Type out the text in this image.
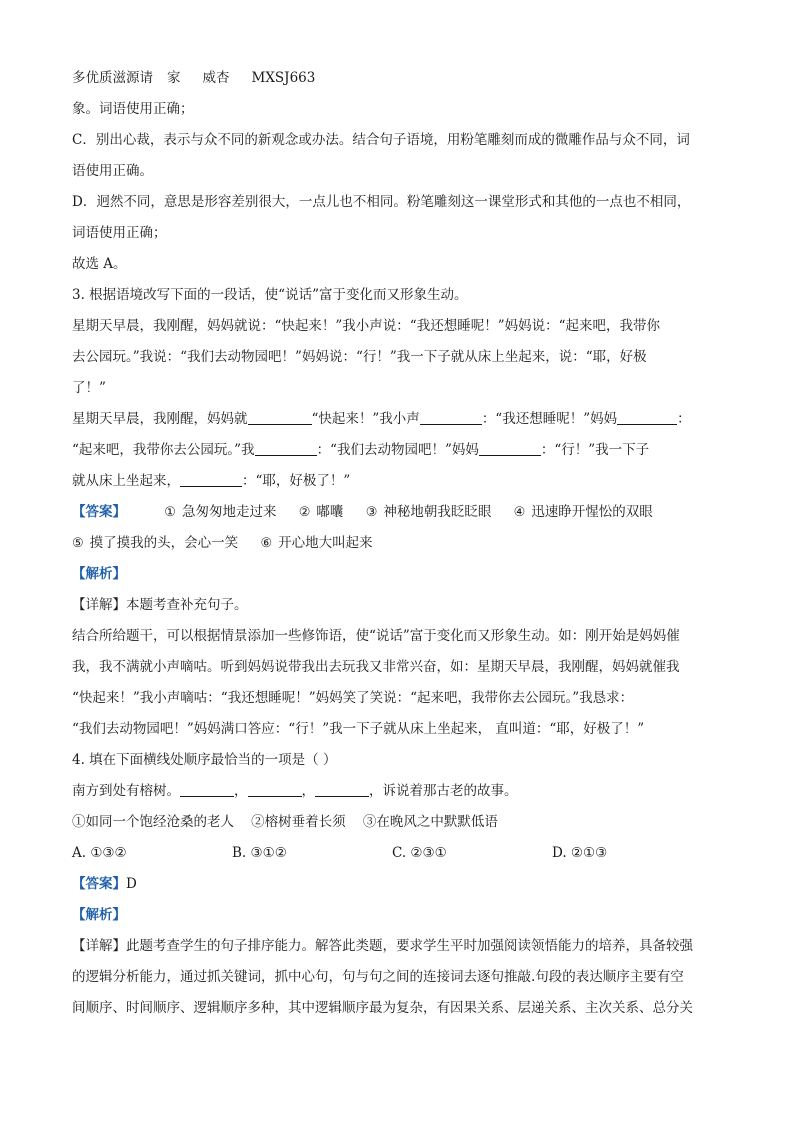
多优质滋源请 家 威杏 MXSJ663
象。词语使用正确；
C．别出心裁，表示与众不同的新观念或办法。结合句子语境，用粉笔雕刻而成的微雕作品与众不同，词
语使用正确。
D．迥然不同，意思是形容差别很大，一点儿也不相同。粉笔雕刻这一课堂形式和其他的一点也不相同，
词语使用正确；
故选 A。
3. 根据语境改写下面的一段话，使“说话”富于变化而又形象生动。
星期天早晨，我刚醒，妈妈就说：“快起来！”我小声说：“我还想睡呢！”妈妈说：“起来吧，我带你
去公园玩。”我说：“我们去动物园吧！”妈妈说：“行！”我一下子就从床上坐起来，说：“耶，好极
了！”
星期天早晨，我刚醒，妈妈就	“快起来！”我小声	：“我还想睡呢！”妈妈	：
“起来吧，我带你去公园玩。”我	：“我们去动物园吧！”妈妈	：“行！”我一下子
就从床上坐起来，	：“耶，好极了！”
【答案】	① 急匆匆地走过来 ② 嘟囔 ③ 神秘地朝我眨眨眼 ④ 迅速睁开惺忪的双眼
⑤ 摸了摸我的头，会心一笑 ⑥ 开心地大叫起来
【解析】
【详解】本题考查补充句子。
结合所给题干，可以根据情景添加一些修饰语，使“说话”富于变化而又形象生动。如：刚开始是妈妈催
我，我不满就小声嘀咕。听到妈妈说带我出去玩我又非常兴奋，如：星期天早晨，我刚醒，妈妈就催我
“快起来！”我小声嘀咕：“我还想睡呢！”妈妈笑了笑说：“起来吧，我带你去公园玩。”我恳求：
“我们去动物园吧！”妈妈满口答应：“行！”我一下子就从床上坐起来， 直叫道：“耶，好极了！”
4. 填在下面横线处顺序最恰当的一项是（ ）
南方到处有榕树。	，	，	，诉说着那古老的故事。
①如同一个饱经沧桑的老人    ②榕树垂着长须    ③在晚风之中默默低语
A. ①③②	B. ③①②	C. ②③①	D. ②①③
【答案】D
【解析】
【详解】此题考查学生的句子排序能力。解答此类题，要求学生平时加强阅读领悟能力的培养，具备较强
的逻辑分析能力，通过抓关键词，抓中心句，句与句之间的连接词去逐句推敲.句段的表达顺序主要有空
间顺序、时间顺序、逻辑顺序多种，其中逻辑顺序最为复杂，有因果关系、层递关系、主次关系、总分关
